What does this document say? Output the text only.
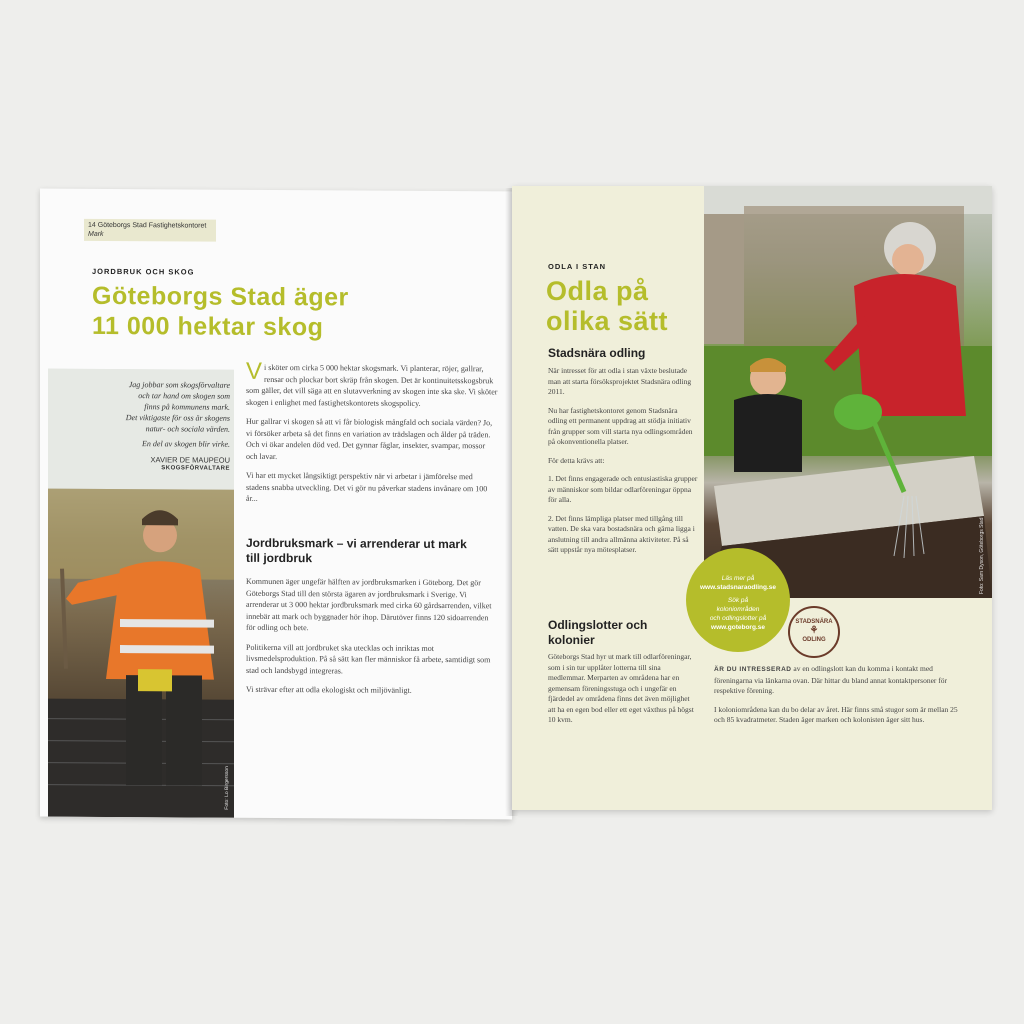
14 Göteborgs Stad Fastighetskontoret
Mark
JORDBRUK OCH SKOG
Göteborgs Stad äger
11 000 hektar skog
Jag jobbar som skogsförvaltare
och tar hand om skogen som
finns på kommunens mark.
Det viktigaste för oss är skogens
natur- och sociala värden.
En del av skogen blir virke.
XAVIER DE MAUPEOU
SKOGSFÖRVALTARE
Foto: Lo Birgersson

Vi sköter om cirka 5 000 hektar skogsmark. Vi planterar, röjer, gallrar, rensar och plockar bort skräp från skogen. Det är kontinuitetsskogsbruk som gäller, det vill säga att en slutavverkning av skogen inte ska ske. Vi sköter skogen i enlighet med fastighetskontorets skogspolicy.

Hur gallrar vi skogen så att vi får biologisk mångfald och sociala värden? Jo, vi försöker arbeta så det finns en variation av trädslagen och ålder på träden. Och vi ökar andelen död ved. Det gynnar fåglar, insekter, svampar, mossor och lavar.

Vi har ett mycket långsiktigt perspektiv när vi arbetar i jämförelse med stadens snabba utveckling. Det vi gör nu påverkar stadens invånare om 100 år...

Jordbruksmark – vi arrenderar ut mark till jordbruk

Kommunen äger ungefär hälften av jordbruksmarken i Göteborg. Det gör Göteborgs Stad till den största ägaren av jordbruksmark i Sverige. Vi arrenderar ut 3 000 hektar jordbruksmark med cirka 60 gårdsarrenden, vilket innebär att mark och byggnader hör ihop. Därutöver finns 120 sidoarrenden för odling och bete.

Politikerna vill att jordbruket ska utecklas och inriktas mot livsmedelsproduktion. På så sätt kan fler människor få arbete, samtidigt som stad och landsbygd integreras.

Vi strävar efter att odla ekologiskt och miljövänligt.

ODLA I STAN
Odla på
olika sätt
Stadsnära odling

När intresset för att odla i stan växte beslutade man att starta försöksprojektet Stadsnära odling 2011.

Nu har fastighetskontoret genom Stadsnära odling ett permanent uppdrag att stödja initiativ från grupper som vill starta nya odlingsområden på okonventionella platser.

För detta krävs att:

1. Det finns engagerade och entusiastiska grupper av människor som bildar odlarföreningar öppna för alla.

2. Det finns lämpliga platser med tillgång till vatten. De ska vara bostadsnära och gärna ligga i anslutning till andra allmänna aktiviteter. På så sätt uppstår nya mötesplatser.	Foto: Sam Dyson, Göteborgs Stad
Läs mer på
www.stadsnaraodling.se
Sök på
koloniområden
och odlingslotter på
www.goteborg.se
STADSNÄRA
⚘
ODLING
Odlingslotter och kolonier

Göteborgs Stad hyr ut mark till odlarföreningar, som i sin tur upplåter lotterna till sina medlemmar. Merparten av områdena har en gemensam föreningsstuga och i ungefär en fjärdedel av områdena finns det även möjlighet att ha en egen bod eller ett eget växthus på högst 10 kvm.

ÄR DU INTRESSERAD av en odlingslott kan du komma i kontakt med föreningarna via länkarna ovan. Där hittar du bland annat kontaktpersoner för respektive förening.

I koloniområdena kan du bo delar av året. Här finns små stugor som är mellan 25 och 85 kvadratmeter. Staden äger marken och kolonisten äger sitt hus.
